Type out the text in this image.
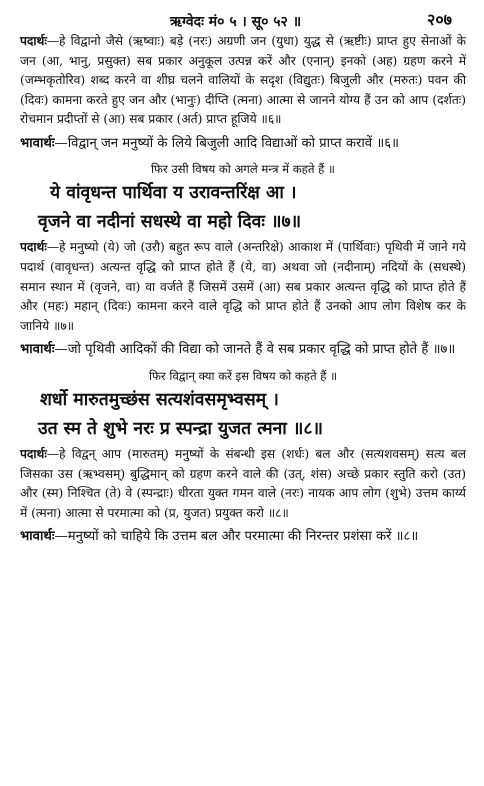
ऋग्वेदः मं० ५ । सू० ५२ ॥	२०७

पदार्थः—हे विद्वानो जैसे (ऋष्वाः) बड़े (नरः) अग्रणी जन (युधा) युद्ध से (ऋष्टीः) प्राप्त हुए सेनाओं के जन (आ, भानु, प्रसुक्त) सब प्रकार अनुकूल उत्पन्न करें और (एनान्) इनको (अह) ग्रहण करने में (जम्भकृतोरिव) शब्द करने वा शीघ्र चलने वालियों के सदृश (विद्युतः) बिजुली और (मरुतः) पवन की (दिवः) कामना करते हुए जन और (भानुः) दीप्ति (त्मना) आत्मा से जानने योग्य हैं उन को आप (दर्शतः) रोचमान प्रदीप्तों से (आ) सब प्रकार (अर्त) प्राप्त हूजिये ॥६॥

भावार्थः—विद्वान् जन मनुष्यों के लिये बिजुली आदि विद्याओं को प्राप्त करावें ॥६॥

फिर उसी विषय को अगले मन्त्र में कहते हैं ॥
ये वांवृधन्त पार्थिवा य उरावन्तरिंक्ष आ ।
वृजने वा नदीनां सधस्थे वा महो दिवः ॥७॥

पदार्थः—हे मनुष्यो (ये) जो (उरौ) बहुत रूप वाले (अन्तरिक्षे) आकाश में (पार्थिवाः) पृथिवी में जाने गये पदार्थ (वावृधन्त) अत्यन्त वृद्धि को प्राप्त होते हैं (ये, वा) अथवा जो (नदीनाम्) नदियों के (सधस्थे) समान स्थान में (वृजने, वा) वा वर्जते हैं जिसमें उसमें (आ) सब प्रकार अत्यन्त वृद्धि को प्राप्त होते हैं और (महः) महान् (दिवः) कामना करने वाले वृद्धि को प्राप्त होते हैं उनको आप लोग विशेष कर के जानिये ॥७॥

भावार्थः—जो पृथिवी आदिकों की विद्या को जानते हैं वे सब प्रकार वृद्धि को प्राप्त होते हैं ॥७॥

फिर विद्वान् क्या करें इस विषय को कहते हैं ॥
शर्धो मारुतमुच्छंस सत्यशंवसमृभ्वसम् ।
उत स्म ते शुभे नरः प्र स्पन्द्रा युजत त्मना ॥८॥

पदार्थः—हे विद्वन् आप (मारुतम्) मनुष्यों के संबन्धी इस (शर्धः) बल और (सत्यशवसम्) सत्य बल जिसका उस (ऋभ्वसम्) बुद्धिमान् को ग्रहण करने वाले की (उत्, शंस) अच्छे प्रकार स्तुति करो (उत) और (स्म) निश्चित (ते) वे (स्पन्द्राः) धीरता युक्त गमन वाले (नरः) नायक आप लोग (शुभे) उत्तम कार्य्य में (त्मना) आत्मा से परमात्मा को (प्र, युजत) प्रयुक्त करो ॥८॥

भावार्थः—मनुष्यों को चाहिये कि उत्तम बल और परमात्मा की निरन्तर प्रशंसा करें ॥८॥
